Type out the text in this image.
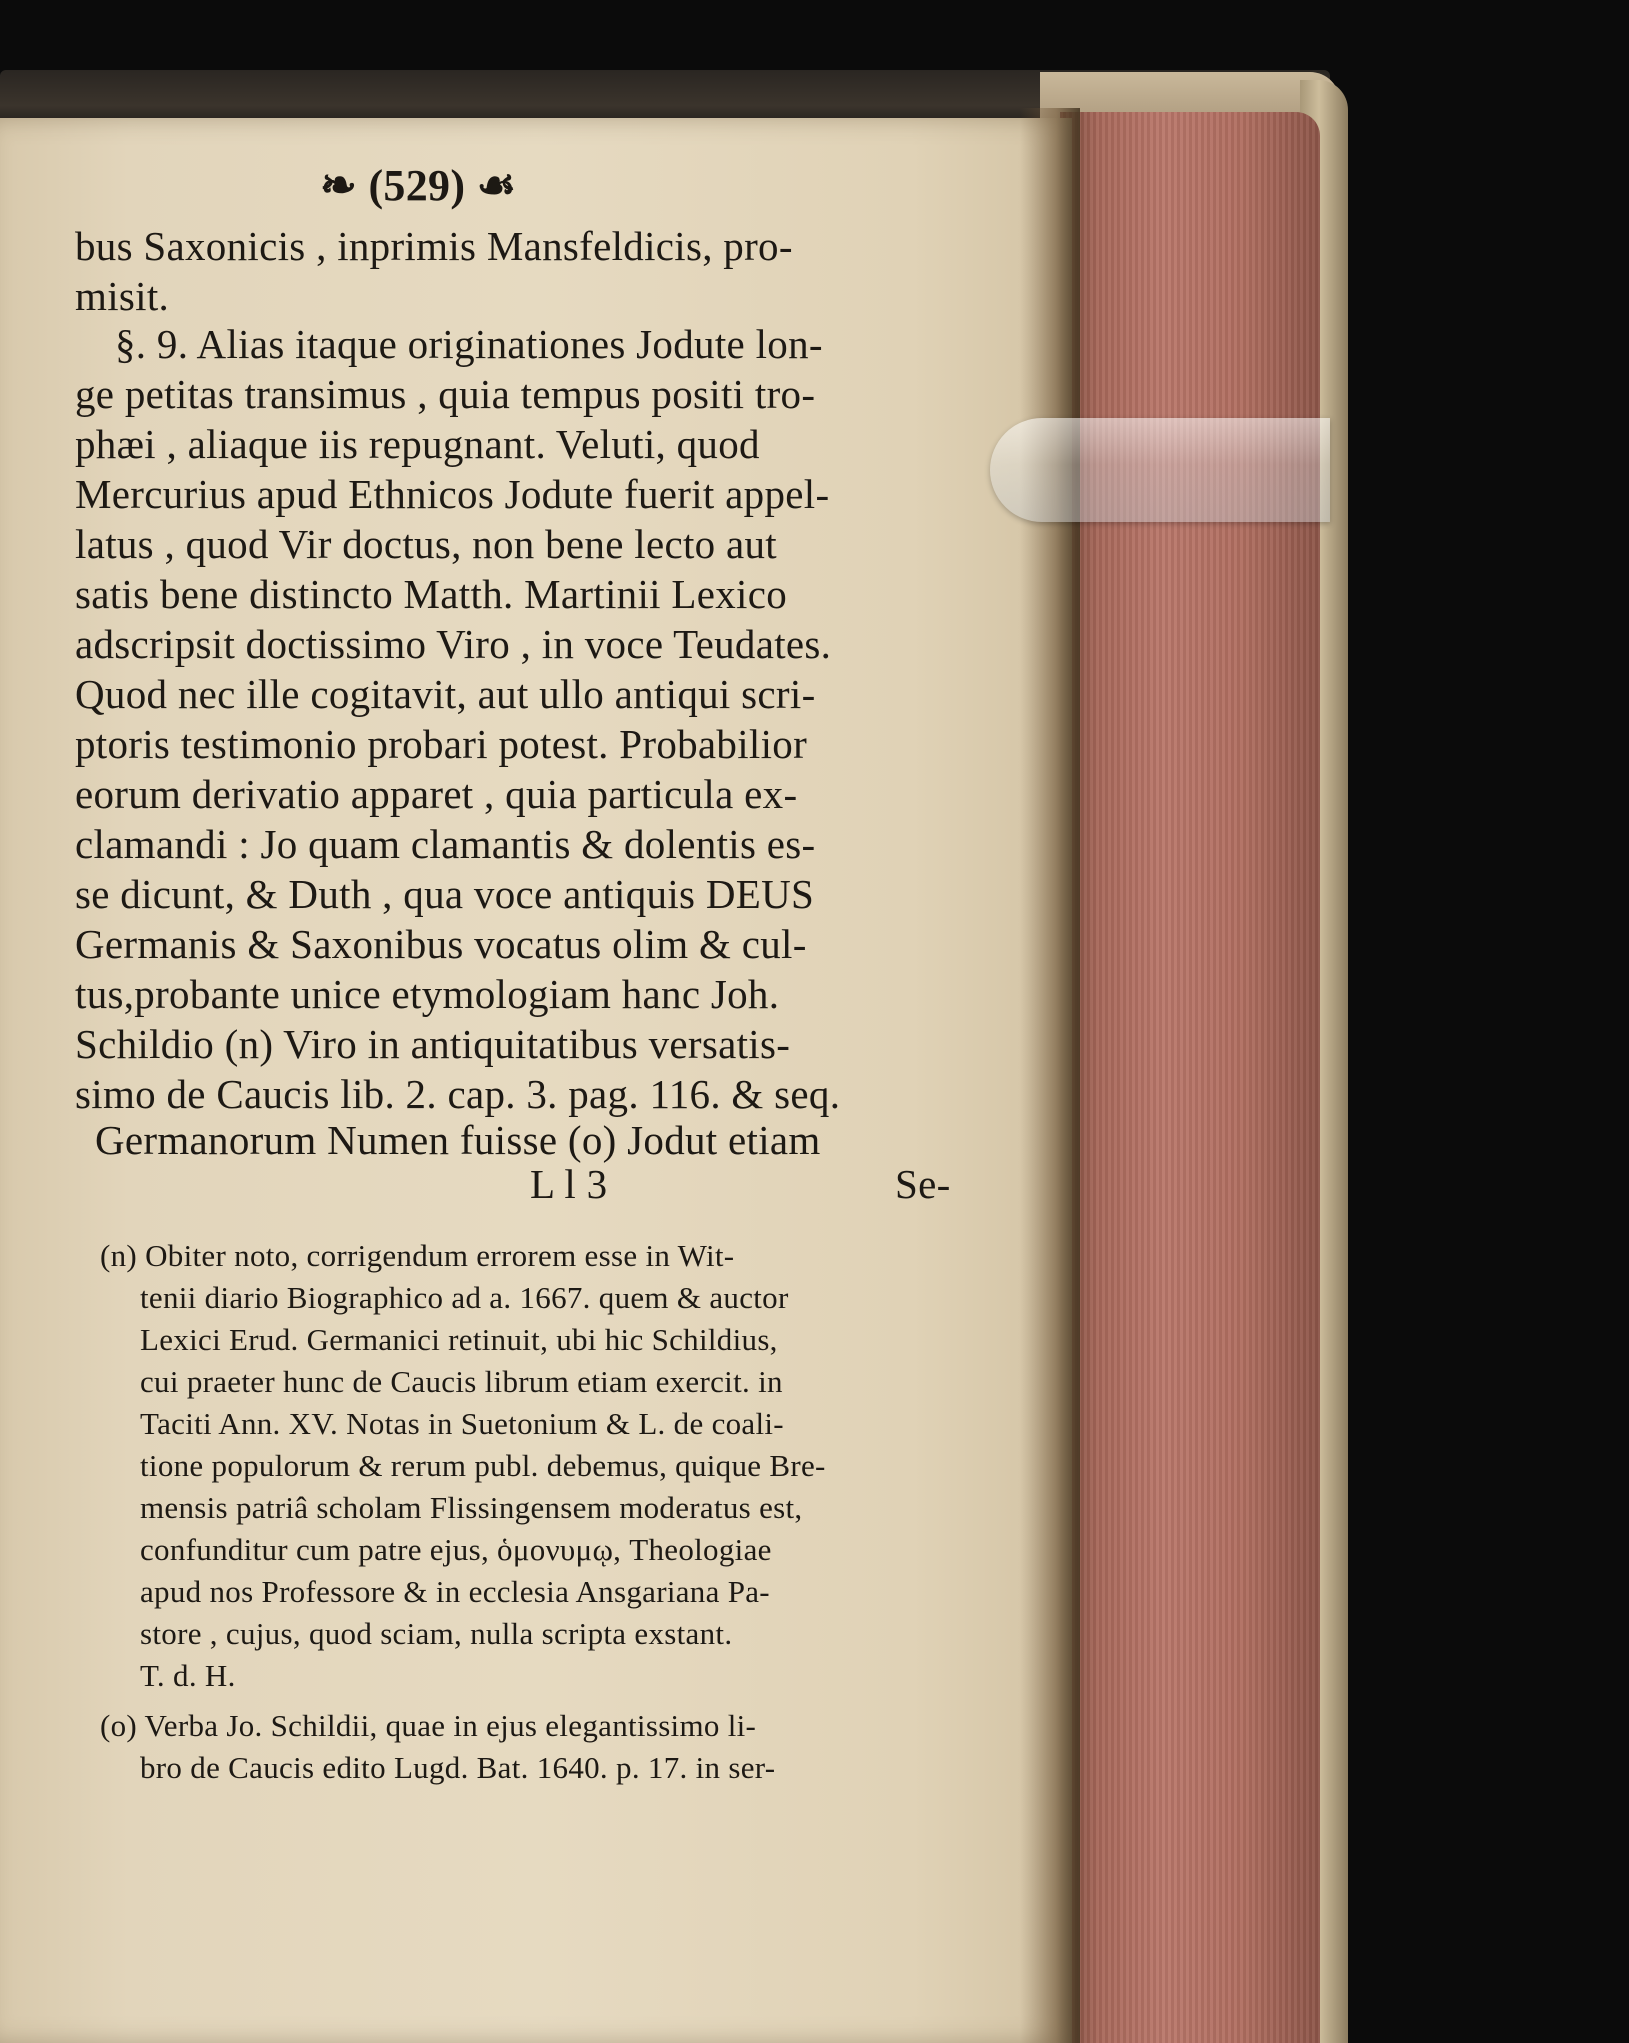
❧ (529) ☙
bus Saxonicis , inprimis Mansfeldicis, pro-
misit.
§. 9. Alias itaque originationes Jodute lon-
ge petitas transimus , quia tempus positi tro-
phæi , aliaque iis repugnant. Veluti, quod
Mercurius apud Ethnicos Jodute fuerit appel-
latus , quod Vir doctus, non bene lecto aut
satis bene distincto Matth. Martinii Lexico
adscripsit doctissimo Viro , in voce Teudates.
Quod nec ille cogitavit, aut ullo antiqui scri-
ptoris testimonio probari potest. Probabilior
eorum derivatio apparet , quia particula ex-
clamandi : Jo quam clamantis & dolentis es-
se dicunt, & Duth , qua voce antiquis DEUS
Germanis & Saxonibus vocatus olim & cul-
tus,probante unice etymologiam hanc Joh.
Schildio (n) Viro in antiquitatibus versatis-
simo de Caucis lib. 2. cap. 3. pag. 116. & seq.
Germanorum Numen fuisse (o) Jodut etiam
L l 3	Se-
(n) Obiter noto, corrigendum errorem esse in Wit-
tenii diario Biographico ad a. 1667. quem & auctor
Lexici Erud. Germanici retinuit, ubi hic Schildius,
cui praeter hunc de Caucis librum etiam exercit. in
Taciti Ann. XV. Notas in Suetonium & L. de coali-
tione populorum & rerum publ. debemus, quique Bre-
mensis patriâ scholam Flissingensem moderatus est,
confunditur cum patre ejus, ὁμονυμῳ, Theologiae
apud nos Professore & in ecclesia Ansgariana Pa-
store , cujus, quod sciam, nulla scripta exstant.
T. d. H.
(o) Verba Jo. Schildii, quae in ejus elegantissimo li-
bro de Caucis edito Lugd. Bat. 1640. p. 17. in ser-
